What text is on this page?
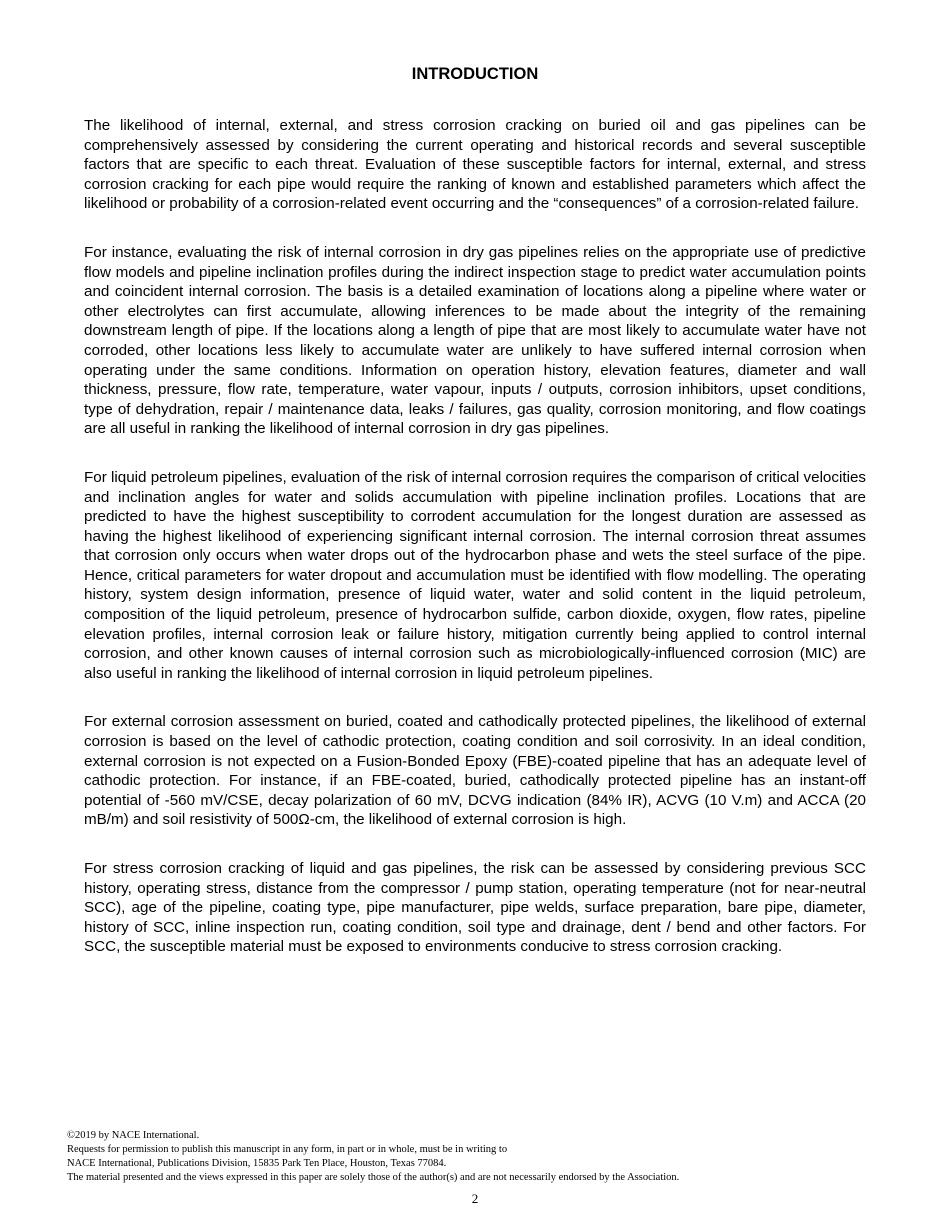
INTRODUCTION

The likelihood of internal, external, and stress corrosion cracking on buried oil and gas pipelines can be comprehensively assessed by considering the current operating and historical records and several susceptible factors that are specific to each threat. Evaluation of these susceptible factors for internal, external, and stress corrosion cracking for each pipe would require the ranking of known and established parameters which affect the likelihood or probability of a corrosion-related event occurring and the “consequences” of a corrosion-related failure.

For instance, evaluating the risk of internal corrosion in dry gas pipelines relies on the appropriate use of predictive flow models and pipeline inclination profiles during the indirect inspection stage to predict water accumulation points and coincident internal corrosion. The basis is a detailed examination of locations along a pipeline where water or other electrolytes can first accumulate, allowing inferences to be made about the integrity of the remaining downstream length of pipe. If the locations along a length of pipe that are most likely to accumulate water have not corroded, other locations less likely to accumulate water are unlikely to have suffered internal corrosion when operating under the same conditions. Information on operation history, elevation features, diameter and wall thickness, pressure, flow rate, temperature, water vapour, inputs / outputs, corrosion inhibitors, upset conditions, type of dehydration, repair / maintenance data, leaks / failures, gas quality, corrosion monitoring, and flow coatings are all useful in ranking the likelihood of internal corrosion in dry gas pipelines.

For liquid petroleum pipelines, evaluation of the risk of internal corrosion requires the comparison of critical velocities and inclination angles for water and solids accumulation with pipeline inclination profiles. Locations that are predicted to have the highest susceptibility to corrodent accumulation for the longest duration are assessed as having the highest likelihood of experiencing significant internal corrosion. The internal corrosion threat assumes that corrosion only occurs when water drops out of the hydrocarbon phase and wets the steel surface of the pipe. Hence, critical parameters for water dropout and accumulation must be identified with flow modelling. The operating history, system design information, presence of liquid water, water and solid content in the liquid petroleum, composition of the liquid petroleum, presence of hydrocarbon sulfide, carbon dioxide, oxygen, flow rates, pipeline elevation profiles, internal corrosion leak or failure history, mitigation currently being applied to control internal corrosion, and other known causes of internal corrosion such as microbiologically-influenced corrosion (MIC) are also useful in ranking the likelihood of internal corrosion in liquid petroleum pipelines.

For external corrosion assessment on buried, coated and cathodically protected pipelines, the likelihood of external corrosion is based on the level of cathodic protection, coating condition and soil corrosivity. In an ideal condition, external corrosion is not expected on a Fusion-Bonded Epoxy (FBE)-coated pipeline that has an adequate level of cathodic protection. For instance, if an FBE-coated, buried, cathodically protected pipeline has an instant-off potential of -560 mV/CSE, decay polarization of 60 mV, DCVG indication (84% IR), ACVG (10 V.m) and ACCA (20 mB/m) and soil resistivity of 500Ω-cm, the likelihood of external corrosion is high.

For stress corrosion cracking of liquid and gas pipelines, the risk can be assessed by considering previous SCC history, operating stress, distance from the compressor / pump station, operating temperature (not for near-neutral SCC), age of the pipeline, coating type, pipe manufacturer, pipe welds, surface preparation, bare pipe, diameter, history of SCC, inline inspection run, coating condition, soil type and drainage, dent / bend and other factors. For SCC, the susceptible material must be exposed to environments conducive to stress corrosion cracking.

©2019 by NACE International.
Requests for permission to publish this manuscript in any form, in part or in whole, must be in writing to
NACE International, Publications Division, 15835 Park Ten Place, Houston, Texas 77084.
The material presented and the views expressed in this paper are solely those of the author(s) and are not necessarily endorsed by the Association.
2
